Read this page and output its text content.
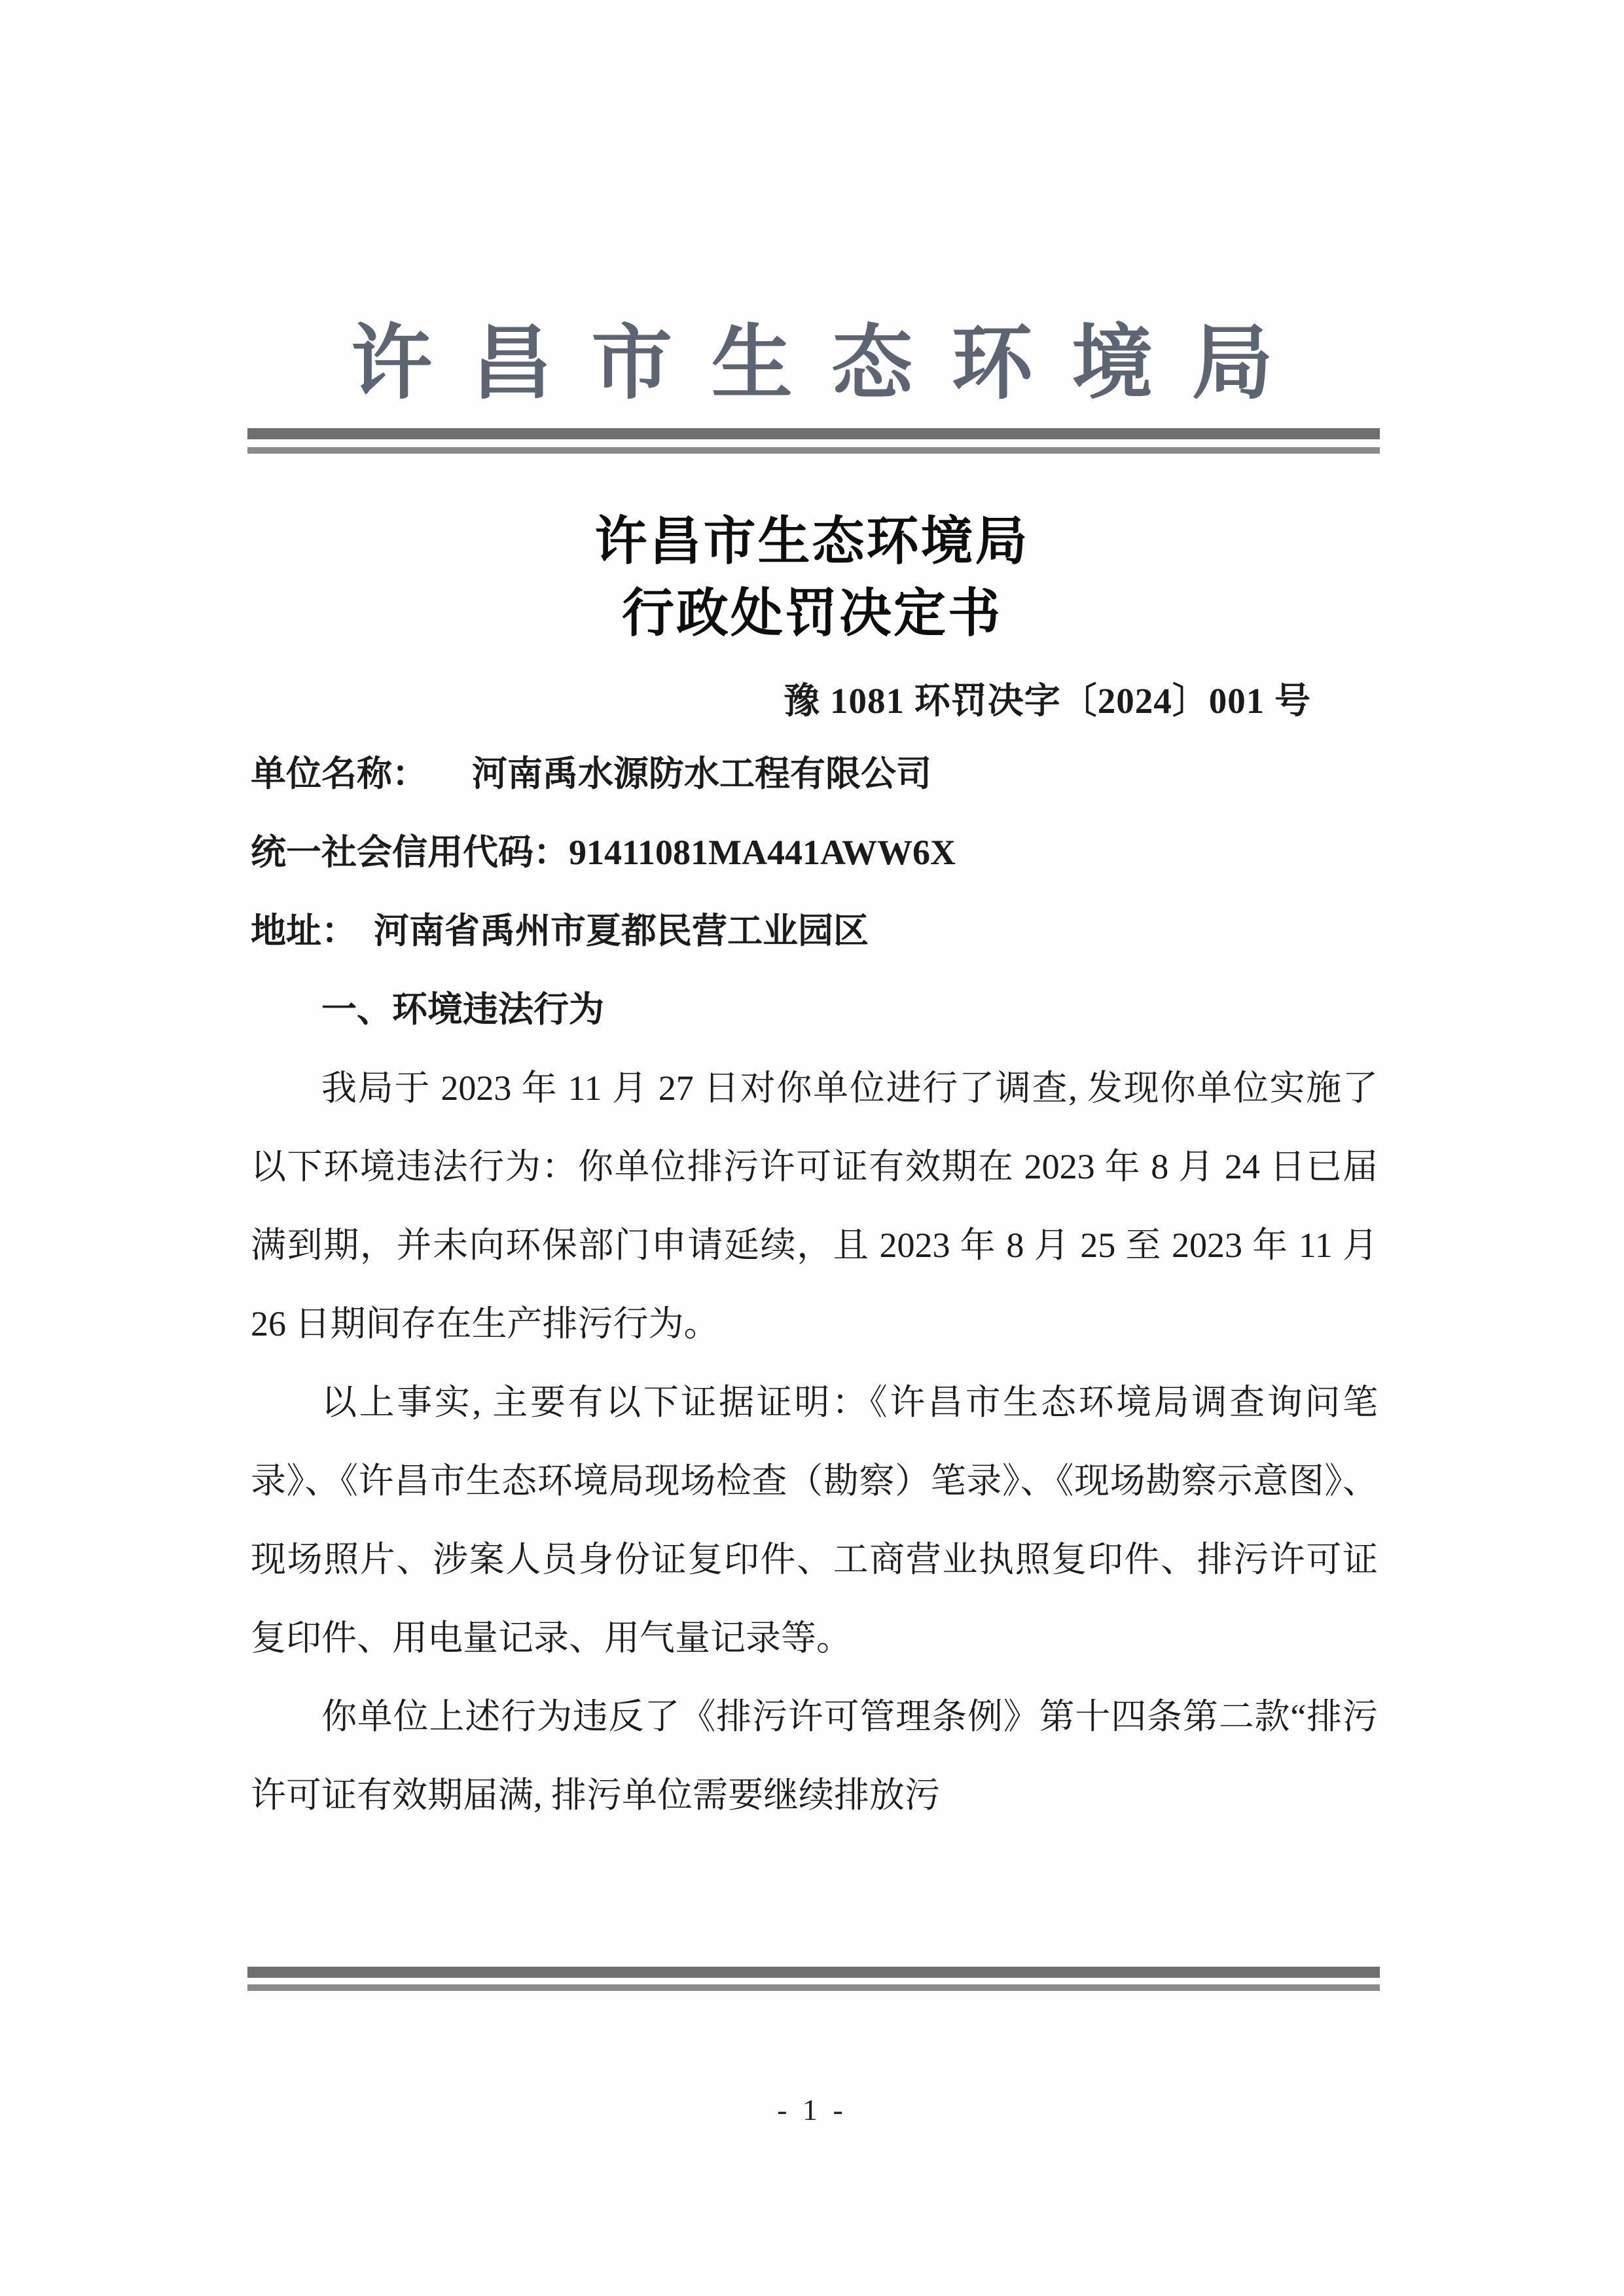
许昌市生态环境局
许昌市生态环境局
行政处罚决定书
豫 1081 环罚决字〔2024〕001 号
单位名称： 河南禹水源防水工程有限公司
统一社会信用代码：91411081MA441AWW6X
地址： 河南省禹州市夏都民营工业园区
一、环境违法行为

我局于 2023 年 11 月 27 日对你单位进行了调查, 发现你单位实施了以下环境违法行为：你单位排污许可证有效期在 2023 年 8 月 24 日已届满到期，并未向环保部门申请延续，且 2023 年 8 月 25 至 2023 年 11 月 26 日期间存在生产排污行为。

以上事实, 主要有以下证据证明：《许昌市生态环境局调查询问笔录》、《许昌市生态环境局现场检查（勘察）笔录》、《现场勘察示意图》、现场照片、涉案人员身份证复印件、工商营业执照复印件、排污许可证复印件、用电量记录、用气量记录等。

你单位上述行为违反了《排污许可管理条例》第十四条第二款“排污许可证有效期届满, 排污单位需要继续排放污

- 1 -
